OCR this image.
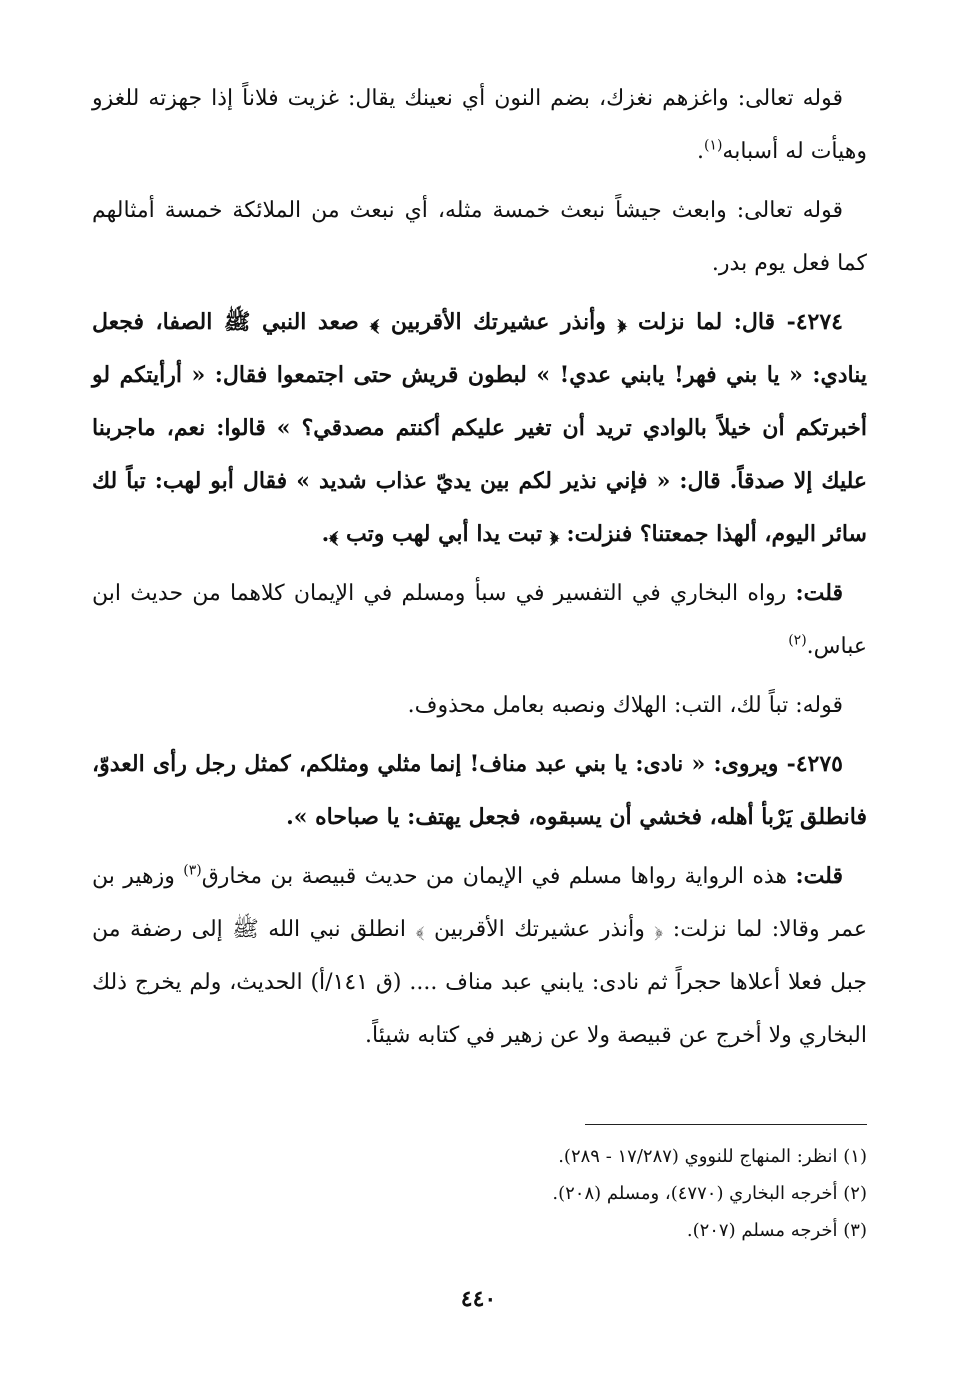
قوله تعالى: واغزهم نغزك، بضم النون أي نعينك يقال: غزيت فلاناً إذا جهزته للغزو وهيأت له أسبابه$^{(١)}$.

قوله تعالى: وابعث جيشاً نبعث خمسة مثله، أي نبعث من الملائكة خمسة أمثالهم كما فعل يوم بدر.

٤٢٧٤- قال: لما نزلت ﴿ وأنذر عشيرتك الأقربين ﴾ صعد النبي ﷺ الصفا، فجعل ينادي: « يا بني فهر! يابني عدي! » لبطون قريش حتى اجتمعوا فقال: « أرأيتكم لو أخبرتكم أن خيلاً بالوادي تريد أن تغير عليكم أكنتم مصدقي؟ » قالوا: نعم، ماجربنا عليك إلا صدقاً. قال: « فإني نذير لكم بين يديّ عذاب شديد » فقال أبو لهب: تباً لك سائر اليوم، ألهذا جمعتنا؟ فنزلت: ﴿ تبت يدا أبي لهب وتب ﴾.

قلت: رواه البخاري في التفسير في سبأ ومسلم في الإيمان كلاهما من حديث ابن عباس.$^{(٢)}$

قوله: تباً لك، التب: الهلاك ونصبه بعامل محذوف.

٤٢٧٥- ويروى: « نادى: يا بني عبد مناف! إنما مثلي ومثلكم، كمثل رجل رأى العدوّ، فانطلق يَرْبأ أهله، فخشي أن يسبقوه، فجعل يهتف: يا صباحاه ».

قلت: هذه الرواية رواها مسلم في الإيمان من حديث قبيصة بن مخارق$^{(٣)}$ وزهير بن عمر وقالا: لما نزلت: ﴿ وأنذر عشيرتك الأقربين ﴾ انطلق نبي الله ﷺ إلى رضفة من جبل فعلا أعلاها حجراً ثم نادى: يابني عبد مناف .... (ق ١٤١/أ) الحديث، ولم يخرج ذلك البخاري ولا أخرج عن قبيصة ولا عن زهير في كتابه شيئاً.

(١) انظر: المنهاج للنووي (١٧/٢٨٧ - ٢٨٩).

(٢) أخرجه البخاري (٤٧٧٠)، ومسلم (٢٠٨).

(٣) أخرجه مسلم (٢٠٧).

٤٤٠
